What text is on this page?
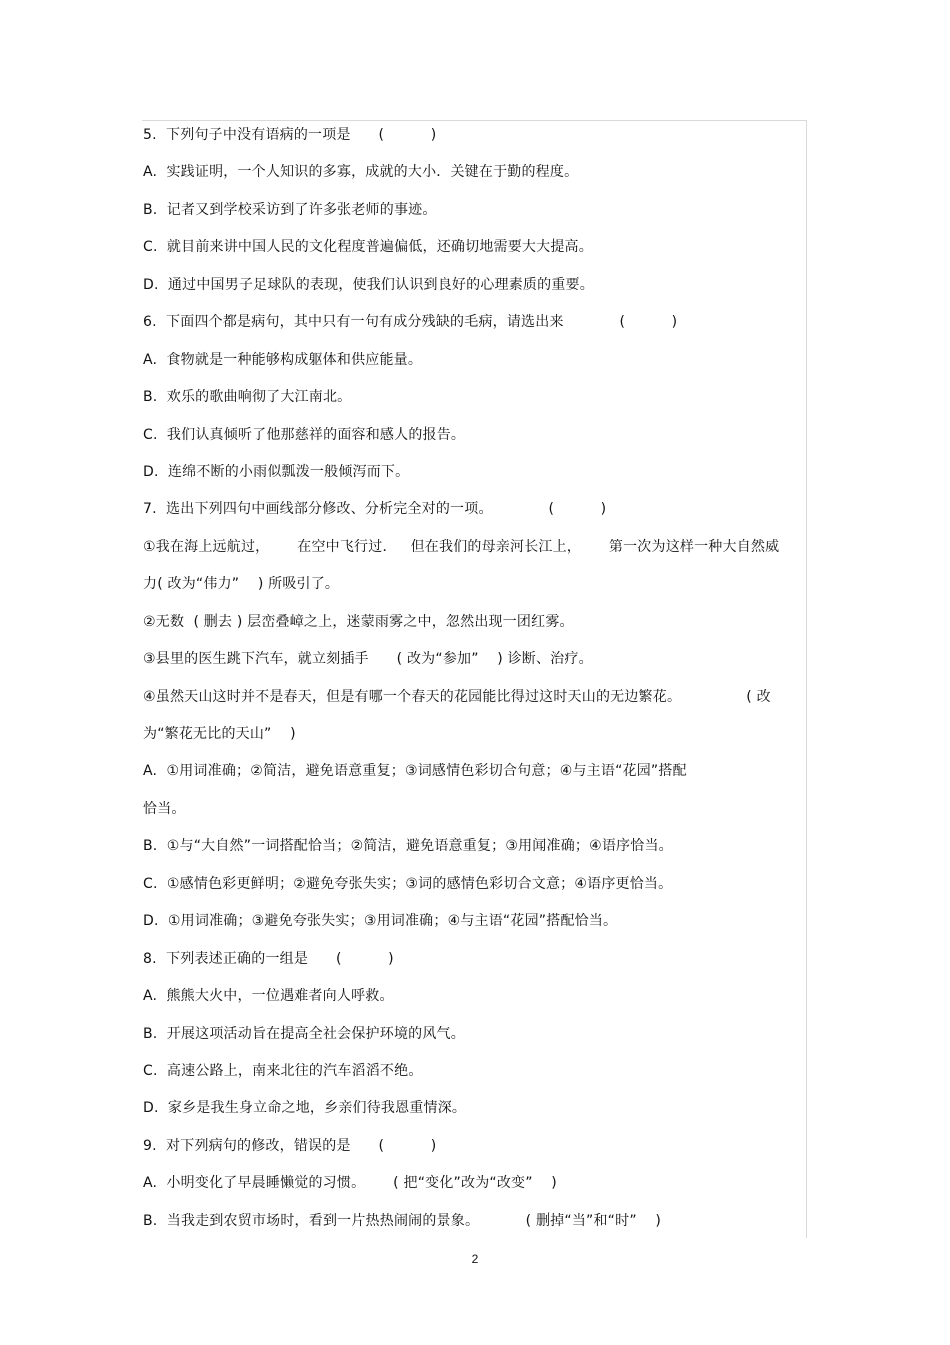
5.  下列句子中没有语病的一项是      (          )
A.  实践证明，一个人知识的多寡，成就的大小．关键在于勤的程度。
B.  记者又到学校采访到了许多张老师的事迹。
C.  就目前来讲中国人民的文化程度普遍偏低，还确切地需要大大提高。
D.  通过中国男子足球队的表现，使我们认识到良好的心理素质的重要。
6.  下面四个都是病句，其中只有一句有成分残缺的毛病，请选出来            (          )
A.  食物就是一种能够构成躯体和供应能量。
B.  欢乐的歌曲响彻了大江南北。
C.  我们认真倾听了他那慈祥的面容和感人的报告。
D.  连绵不断的小雨似瓢泼一般倾泻而下。
7.  选出下列四句中画线部分修改、分析完全对的一项。            (          )
①我在海上远航过，      在空中飞行过．   但在我们的母亲河长江上，      第一次为这样一种大自然威
力( 改为“伟力”    ) 所吸引了。
②无数  ( 删去 ) 层峦叠嶂之上，迷蒙雨雾之中，忽然出现一团红雾。
③县里的医生跳下汽车，就立刻插手      ( 改为“参加”    ) 诊断、治疗。
④虽然天山这时并不是春天，但是有哪一个春天的花园能比得过这时天山的无边繁花。              ( 改
为“繁花无比的天山”    )
A.  ①用词准确；②简洁，避免语意重复；③词感情色彩切合句意；④与主语“花园”搭配
恰当。
B.  ①与“大自然”一词搭配恰当；②简洁，避免语意重复；③用闻准确；④语序恰当。
C.  ①感情色彩更鲜明；②避免夸张失实；③词的感情色彩切合文意；④语序更恰当。
D.  ①用词准确；③避免夸张失实；③用词准确；④与主语“花园”搭配恰当。
8.  下列表述正确的一组是      (          )
A.  熊熊大火中，一位遇难者向人呼救。
B.  开展这项活动旨在提高全社会保护环境的风气。
C.  高速公路上，南来北往的汽车滔滔不绝。
D.  家乡是我生身立命之地，乡亲们待我恩重情深。
9.  对下列病句的修改，错误的是      (          )
A.  小明变化了早晨睡懒觉的习惯。      ( 把“变化”改为“改变”    )
B.  当我走到农贸市场时，看到一片热热闹闹的景象。          ( 删掉“当”和“时”    )
2
